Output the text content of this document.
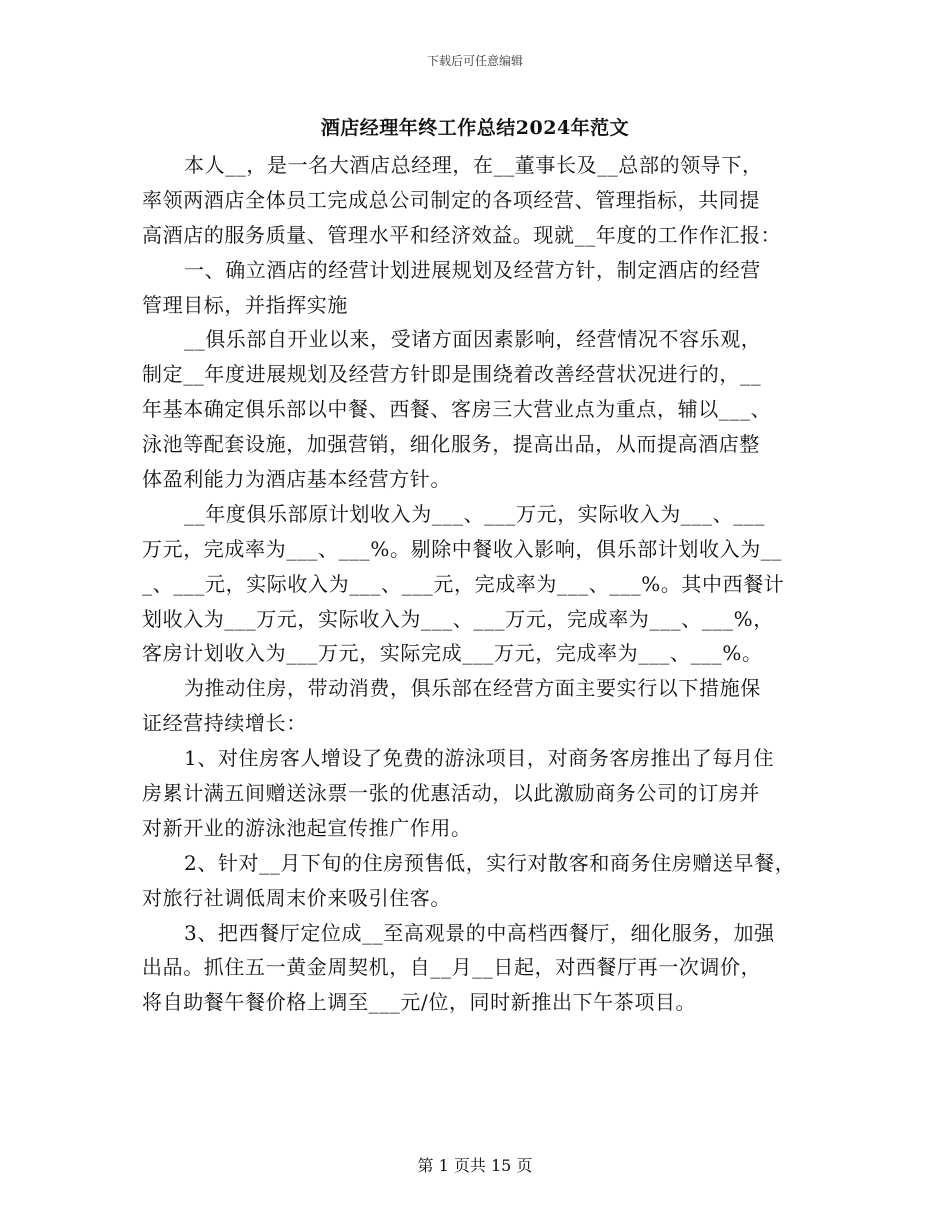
下载后可任意编辑
酒店经理年终工作总结2024年范文
本人__，是一名大酒店总经理，在__董事长及__总部的领导下，
率领两酒店全体员工完成总公司制定的各项经营、管理指标，共同提
高酒店的服务质量、管理水平和经济效益。现就__年度的工作作汇报：
一、确立酒店的经营计划进展规划及经营方针，制定酒店的经营
管理目标，并指挥实施
__俱乐部自开业以来，受诸方面因素影响，经营情况不容乐观，
制定__年度进展规划及经营方针即是围绕着改善经营状况进行的，__
年基本确定俱乐部以中餐、西餐、客房三大营业点为重点，辅以___、
泳池等配套设施，加强营销，细化服务，提高出品，从而提高酒店整
体盈利能力为酒店基本经营方针。
__年度俱乐部原计划收入为___、___万元，实际收入为___、___
万元，完成率为___、___%。剔除中餐收入影响，俱乐部计划收入为__
_、___元，实际收入为___、___元，完成率为___、___%。其中西餐计
划收入为___万元，实际收入为___、___万元，完成率为___、___%，
客房计划收入为___万元，实际完成___万元，完成率为___、___%。
为推动住房，带动消费，俱乐部在经营方面主要实行以下措施保
证经营持续增长：
1、对住房客人增设了免费的游泳项目，对商务客房推出了每月住
房累计满五间赠送泳票一张的优惠活动，以此激励商务公司的订房并
对新开业的游泳池起宣传推广作用。
2、针对__月下旬的住房预售低，实行对散客和商务住房赠送早餐，
对旅行社调低周末价来吸引住客。
3、把西餐厅定位成__至高观景的中高档西餐厅，细化服务，加强
出品。抓住五一黄金周契机，自__月__日起，对西餐厅再一次调价，
将自助餐午餐价格上调至___元/位，同时新推出下午茶项目。
第 1 页共 15 页
